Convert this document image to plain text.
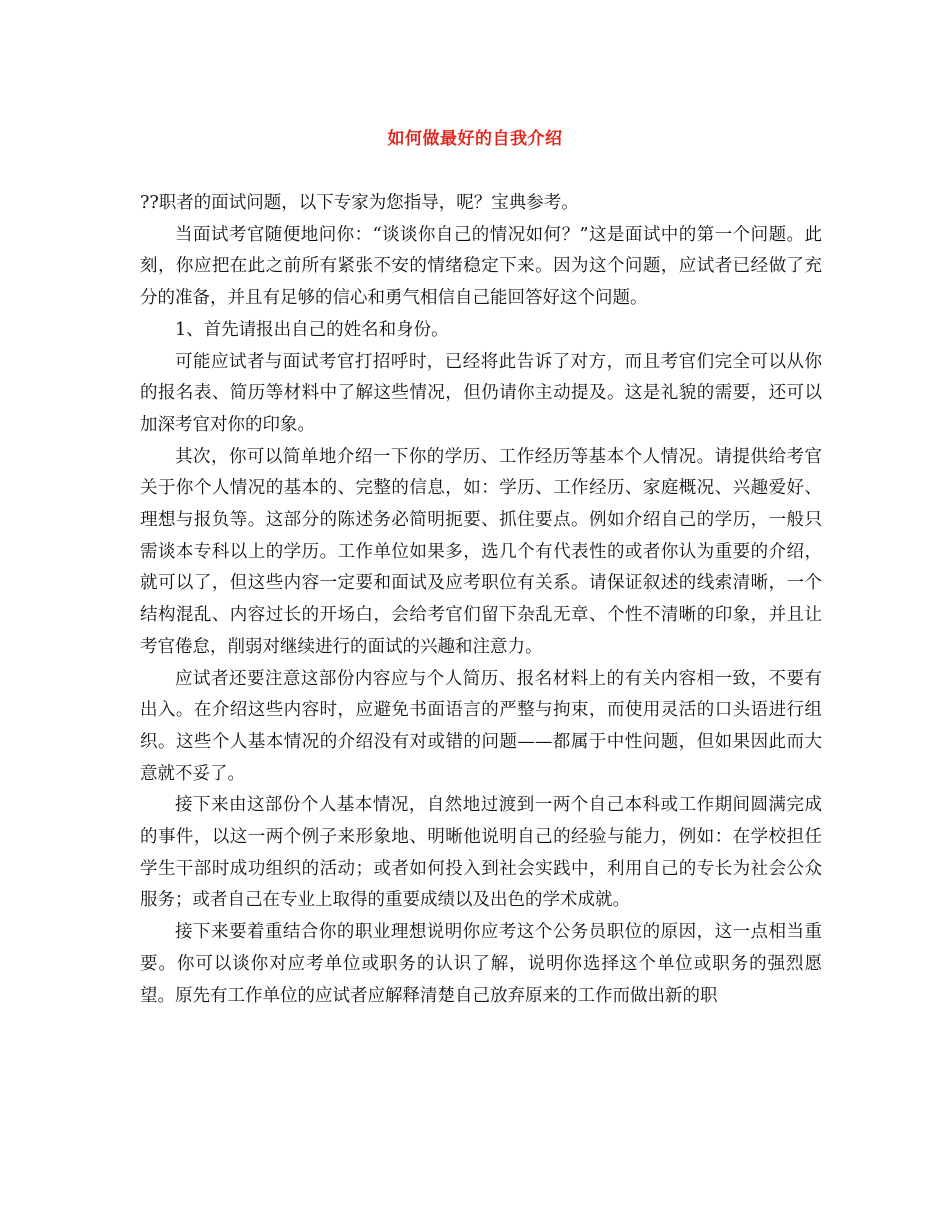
如何做最好的自我介绍

??职者的面试问题，以下专家为您指导，呢？宝典参考。

当面试考官随便地问你：“谈谈你自己的情况如何？”这是面试中的第一个问题。此刻，你应把在此之前所有紧张不安的情绪稳定下来。因为这个问题，应试者已经做了充分的准备，并且有足够的信心和勇气相信自己能回答好这个问题。

1、首先请报出自己的姓名和身份。

可能应试者与面试考官打招呼时，已经将此告诉了对方，而且考官们完全可以从你的报名表、简历等材料中了解这些情况，但仍请你主动提及。这是礼貌的需要，还可以加深考官对你的印象。

其次，你可以简单地介绍一下你的学历、工作经历等基本个人情况。请提供给考官关于你个人情况的基本的、完整的信息，如：学历、工作经历、家庭概况、兴趣爱好、理想与报负等。这部分的陈述务必简明扼要、抓住要点。例如介绍自己的学历，一般只需谈本专科以上的学历。工作单位如果多，选几个有代表性的或者你认为重要的介绍，就可以了，但这些内容一定要和面试及应考职位有关系。请保证叙述的线索清晰，一个结构混乱、内容过长的开场白，会给考官们留下杂乱无章、个性不清晰的印象，并且让考官倦怠，削弱对继续进行的面试的兴趣和注意力。

应试者还要注意这部份内容应与个人简历、报名材料上的有关内容相一致，不要有出入。在介绍这些内容时，应避免书面语言的严整与拘束，而使用灵活的口头语进行组织。这些个人基本情况的介绍没有对或错的问题——都属于中性问题，但如果因此而大意就不妥了。

接下来由这部份个人基本情况，自然地过渡到一两个自己本科或工作期间圆满完成的事件，以这一两个例子来形象地、明晰他说明自己的经验与能力，例如：在学校担任学生干部时成功组织的活动；或者如何投入到社会实践中，利用自己的专长为社会公众服务；或者自己在专业上取得的重要成绩以及出色的学术成就。

接下来要着重结合你的职业理想说明你应考这个公务员职位的原因，这一点相当重要。你可以谈你对应考单位或职务的认识了解，说明你选择这个单位或职务的强烈愿望。原先有工作单位的应试者应解释清楚自己放弃原来的工作而做出新的职
